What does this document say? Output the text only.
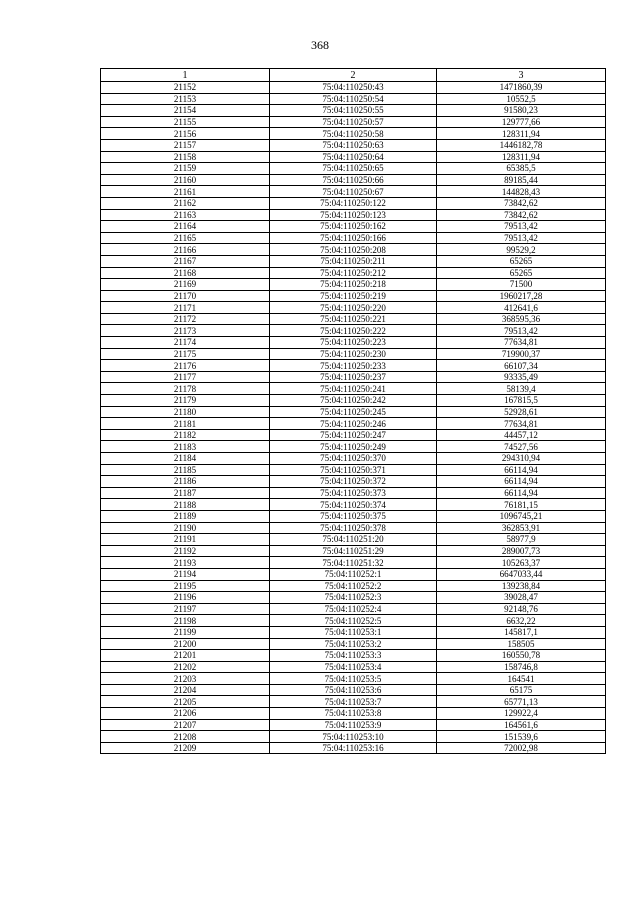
368
1	2	3
21152	75:04:110250:43	1471860,39
21153	75:04:110250:54	10552,5
21154	75:04:110250:55	91580,23
21155	75:04:110250:57	129777,66
21156	75:04:110250:58	128311,94
21157	75:04:110250:63	1446182,78
21158	75:04:110250:64	128311,94
21159	75:04:110250:65	65385,5
21160	75:04:110250:66	89185,44
21161	75:04:110250:67	144828,43
21162	75:04:110250:122	73842,62
21163	75:04:110250:123	73842,62
21164	75:04:110250:162	79513,42
21165	75:04:110250:166	79513,42
21166	75:04:110250:208	99529,2
21167	75:04:110250:211	65265
21168	75:04:110250:212	65265
21169	75:04:110250:218	71500
21170	75:04:110250:219	1960217,28
21171	75:04:110250:220	412641,6
21172	75:04:110250:221	368595,36
21173	75:04:110250:222	79513,42
21174	75:04:110250:223	77634,81
21175	75:04:110250:230	719900,37
21176	75:04:110250:233	66107,34
21177	75:04:110250:237	93335,49
21178	75:04:110250:241	58139,4
21179	75:04:110250:242	167815,5
21180	75:04:110250:245	52928,61
21181	75:04:110250:246	77634,81
21182	75:04:110250:247	44457,12
21183	75:04:110250:249	74527,56
21184	75:04:110250:370	294310,94
21185	75:04:110250:371	66114,94
21186	75:04:110250:372	66114,94
21187	75:04:110250:373	66114,94
21188	75:04:110250:374	76181,15
21189	75:04:110250:375	1096745,21
21190	75:04:110250:378	362853,91
21191	75:04:110251:20	58977,9
21192	75:04:110251:29	289007,73
21193	75:04:110251:32	105263,37
21194	75:04:110252:1	6647033,44
21195	75:04:110252:2	139238,84
21196	75:04:110252:3	39028,47
21197	75:04:110252:4	92148,76
21198	75:04:110252:5	6632,22
21199	75:04:110253:1	145817,1
21200	75:04:110253:2	158505
21201	75:04:110253:3	160550,78
21202	75:04:110253:4	158746,8
21203	75:04:110253:5	164541
21204	75:04:110253:6	65175
21205	75:04:110253:7	65771,13
21206	75:04:110253:8	129922,4
21207	75:04:110253:9	164561,6
21208	75:04:110253:10	151539,6
21209	75:04:110253:16	72002,98
